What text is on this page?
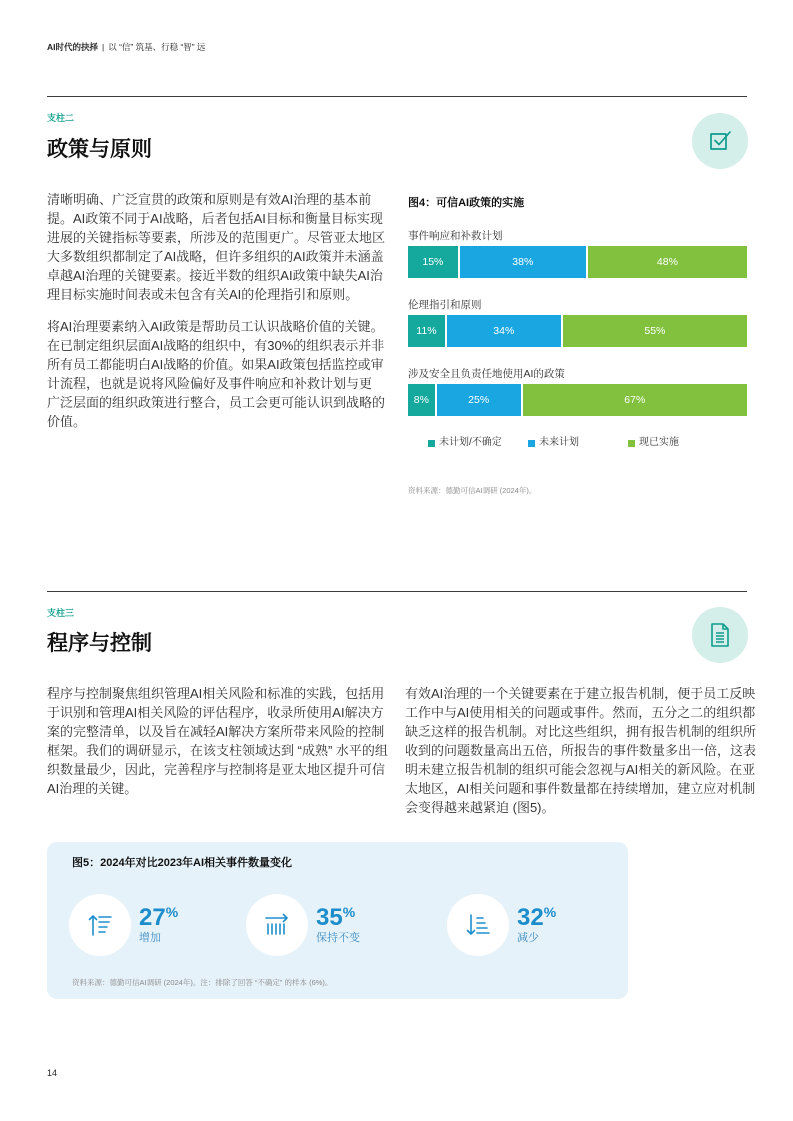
AI时代的抉择 | 以 “信” 筑基、行稳 “智” 远
支柱二
政策与原则

清晰明确、广泛宣贯的政策和原则是有效AI治理的基本前
提。AI政策不同于AI战略，后者包括AI目标和衡量目标实现
进展的关键指标等要素，所涉及的范围更广。尽管亚太地区
大多数组织都制定了AI战略，但许多组织的AI政策并未涵盖
卓越AI治理的关键要素。接近半数的组织AI政策中缺失AI治
理目标实施时间表或未包含有关AI的伦理指引和原则。

将AI治理要素纳入AI政策是帮助员工认识战略价值的关键。
在已制定组织层面AI战略的组织中，有30%的组织表示并非
所有员工都能明白AI战略的价值。如果AI政策包括监控或审
计流程，也就是说将风险偏好及事件响应和补救计划与更
广泛层面的组织政策进行整合，员工会更可能认识到战略的
价值。

图4：可信AI政策的实施
事件响应和补救计划
15%	38%	48%
伦理指引和原则
11%	34%	55%
涉及安全且负责任地使用AI的政策
8%	25%	67%
未计划/不确定	未来计划	现已实施
资料来源：德勤可信AI调研 (2024年)。
支柱三
程序与控制

程序与控制聚焦组织管理AI相关风险和标准的实践，包括用
于识别和管理AI相关风险的评估程序，收录所使用AI解决方
案的完整清单，以及旨在减轻AI解决方案所带来风险的控制
框架。我们的调研显示，在该支柱领域达到 “成熟” 水平的组
织数量最少，因此，完善程序与控制将是亚太地区提升可信
AI治理的关键。

有效AI治理的一个关键要素在于建立报告机制，便于员工反映
工作中与AI使用相关的问题或事件。然而，五分之二的组织都
缺乏这样的报告机制。对比这些组织，拥有报告机制的组织所
收到的问题数量高出五倍，所报告的事件数量多出一倍，这表
明未建立报告机制的组织可能会忽视与AI相关的新风险。在亚
太地区，AI相关问题和事件数量都在持续增加，建立应对机制
会变得越来越紧迫 (图5)。

图5：2024年对比2023年AI相关事件数量变化
27%
增加
35%
保持不变
32%
减少
资料来源：德勤可信AI调研 (2024年)。注：排除了回答 “不确定” 的样本 (6%)。
14
